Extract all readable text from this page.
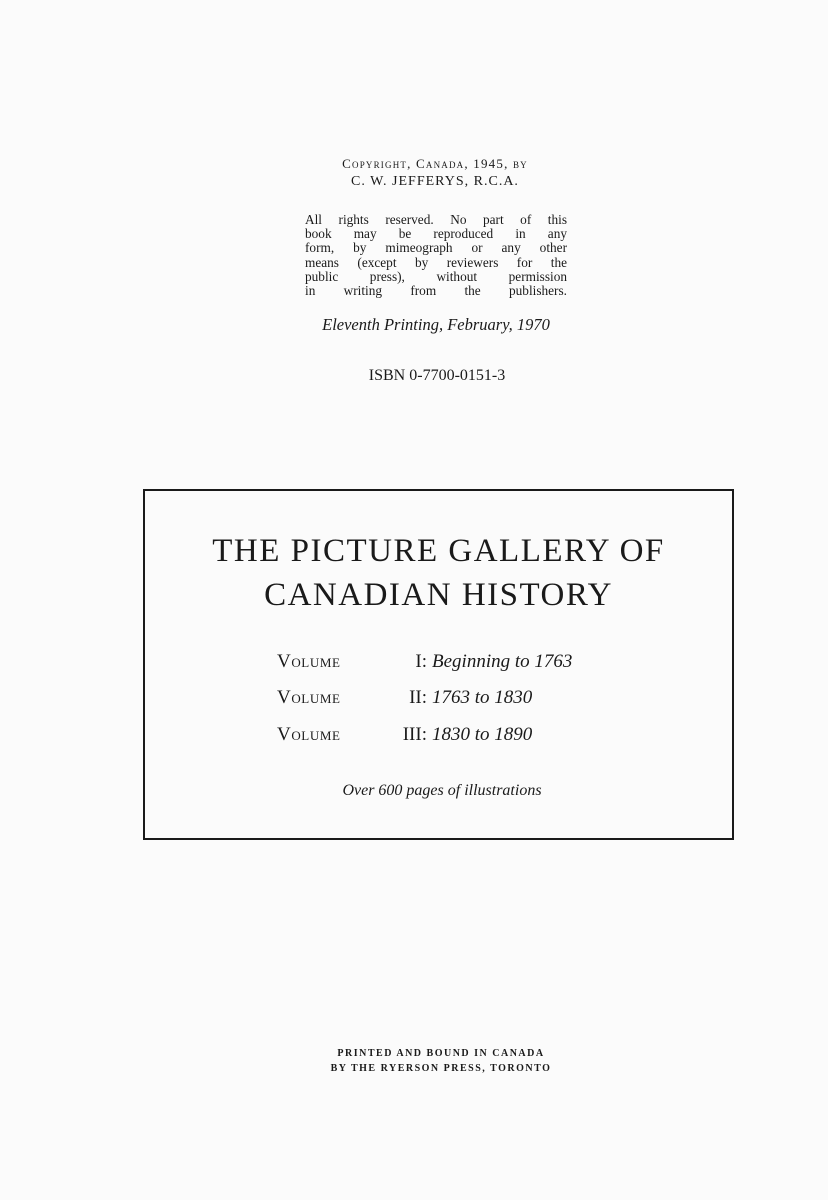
Copyright, Canada, 1945, by
C. W. JEFFERYS, R.C.A.
All rights reserved. No part of this
book may be reproduced in any
form, by mimeograph or any other
means (except by reviewers for the
public press), without permission
in writing from the publishers.
Eleventh Printing, February, 1970
ISBN 0-7700-0151-3
THE PICTURE GALLERY OF
CANADIAN HISTORY
Volume	I: Beginning to 1763
Volume	II: 1763 to 1830
Volume	III: 1830 to 1890
Over 600 pages of illustrations
PRINTED AND BOUND IN CANADA
BY THE RYERSON PRESS, TORONTO
